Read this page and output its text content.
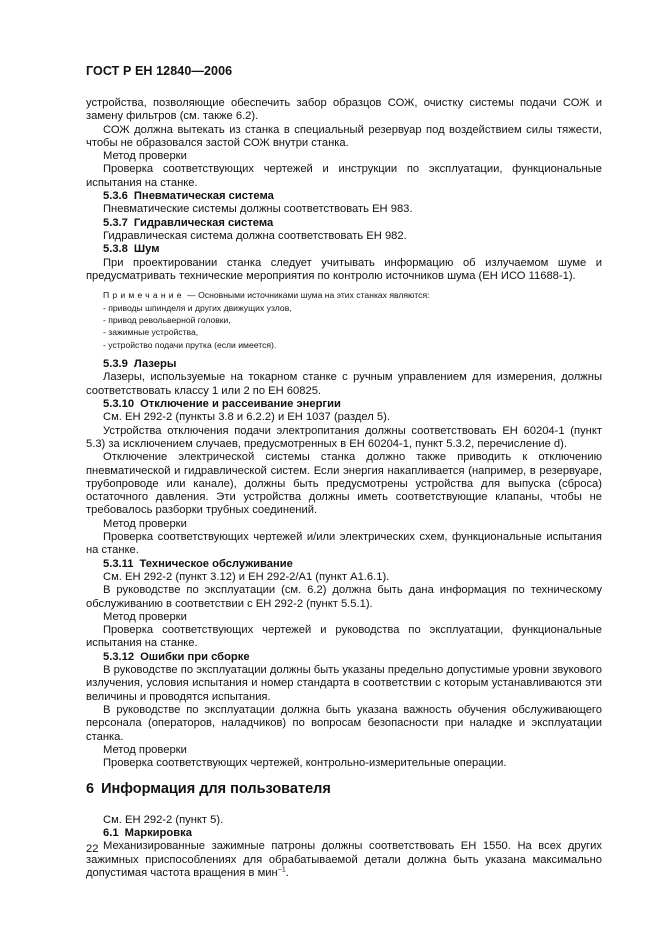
ГОСТ Р ЕН 12840—2006

устройства, позволяющие обеспечить забор образцов СОЖ, очистку системы подачи СОЖ и замену фильтров (см. также 6.2).

СОЖ должна вытекать из станка в специальный резервуар под воздействием силы тяжести, чтобы не образовался застой СОЖ внутри станка.

Метод проверки

Проверка соответствующих чертежей и инструкции по эксплуатации, функциональные испытания на станке.

5.3.6 Пневматическая система

Пневматические системы должны соответствовать ЕН 983.

5.3.7 Гидравлическая система

Гидравлическая система должна соответствовать ЕН 982.

5.3.8 Шум

При проектировании станка следует учитывать информацию об излучаемом шуме и предусматривать технические мероприятия по контролю источников шума (ЕН ИСО 11688-1).

Примечание — Основными источниками шума на этих станках являются:
- приводы шпинделя и других движущих узлов,
- привод револьверной головки,
- зажимные устройства,
- устройство подачи прутка (если имеется).
5.3.9 Лазеры

Лазеры, используемые на токарном станке с ручным управлением для измерения, должны соответствовать классу 1 или 2 по ЕН 60825.

5.3.10 Отключение и рассеивание энергии

См. ЕН 292-2 (пункты 3.8 и 6.2.2) и ЕН 1037 (раздел 5).

Устройства отключения подачи электропитания должны соответствовать ЕН 60204-1 (пункт 5.3) за исключением случаев, предусмотренных в ЕН 60204-1, пункт 5.3.2, перечисление d).

Отключение электрической системы станка должно также приводить к отключению пневматической и гидравлической систем. Если энергия накапливается (например, в резервуаре, трубопроводе или канале), должны быть предусмотрены устройства для выпуска (сброса) остаточного давления. Эти устройства должны иметь соответствующие клапаны, чтобы не требовалось разборки трубных соединений.

Метод проверки

Проверка соответствующих чертежей и/или электрических схем, функциональные испытания на станке.

5.3.11 Техническое обслуживание

См. ЕН 292-2 (пункт 3.12) и ЕН 292-2/А1 (пункт А1.6.1).

В руководстве по эксплуатации (см. 6.2) должна быть дана информация по техническому обслуживанию в соответствии с ЕН 292-2 (пункт 5.5.1).

Метод проверки

Проверка соответствующих чертежей и руководства по эксплуатации, функциональные испытания на станке.

5.3.12 Ошибки при сборке

В руководстве по эксплуатации должны быть указаны предельно допустимые уровни звукового излучения, условия испытания и номер стандарта в соответствии с которым устанавливаются эти величины и проводятся испытания.

В руководстве по эксплуатации должна быть указана важность обучения обслуживающего персонала (операторов, наладчиков) по вопросам безопасности при наладке и эксплуатации станка.

Метод проверки

Проверка соответствующих чертежей, контрольно-измерительные операции.

6 Информация для пользователя

См. ЕН 292-2 (пункт 5).

6.1 Маркировка

Механизированные зажимные патроны должны соответствовать ЕН 1550. На всех других зажимных приспособлениях для обрабатываемой детали должна быть указана максимально допустимая частота вращения в мин$^{-1}$.

22
